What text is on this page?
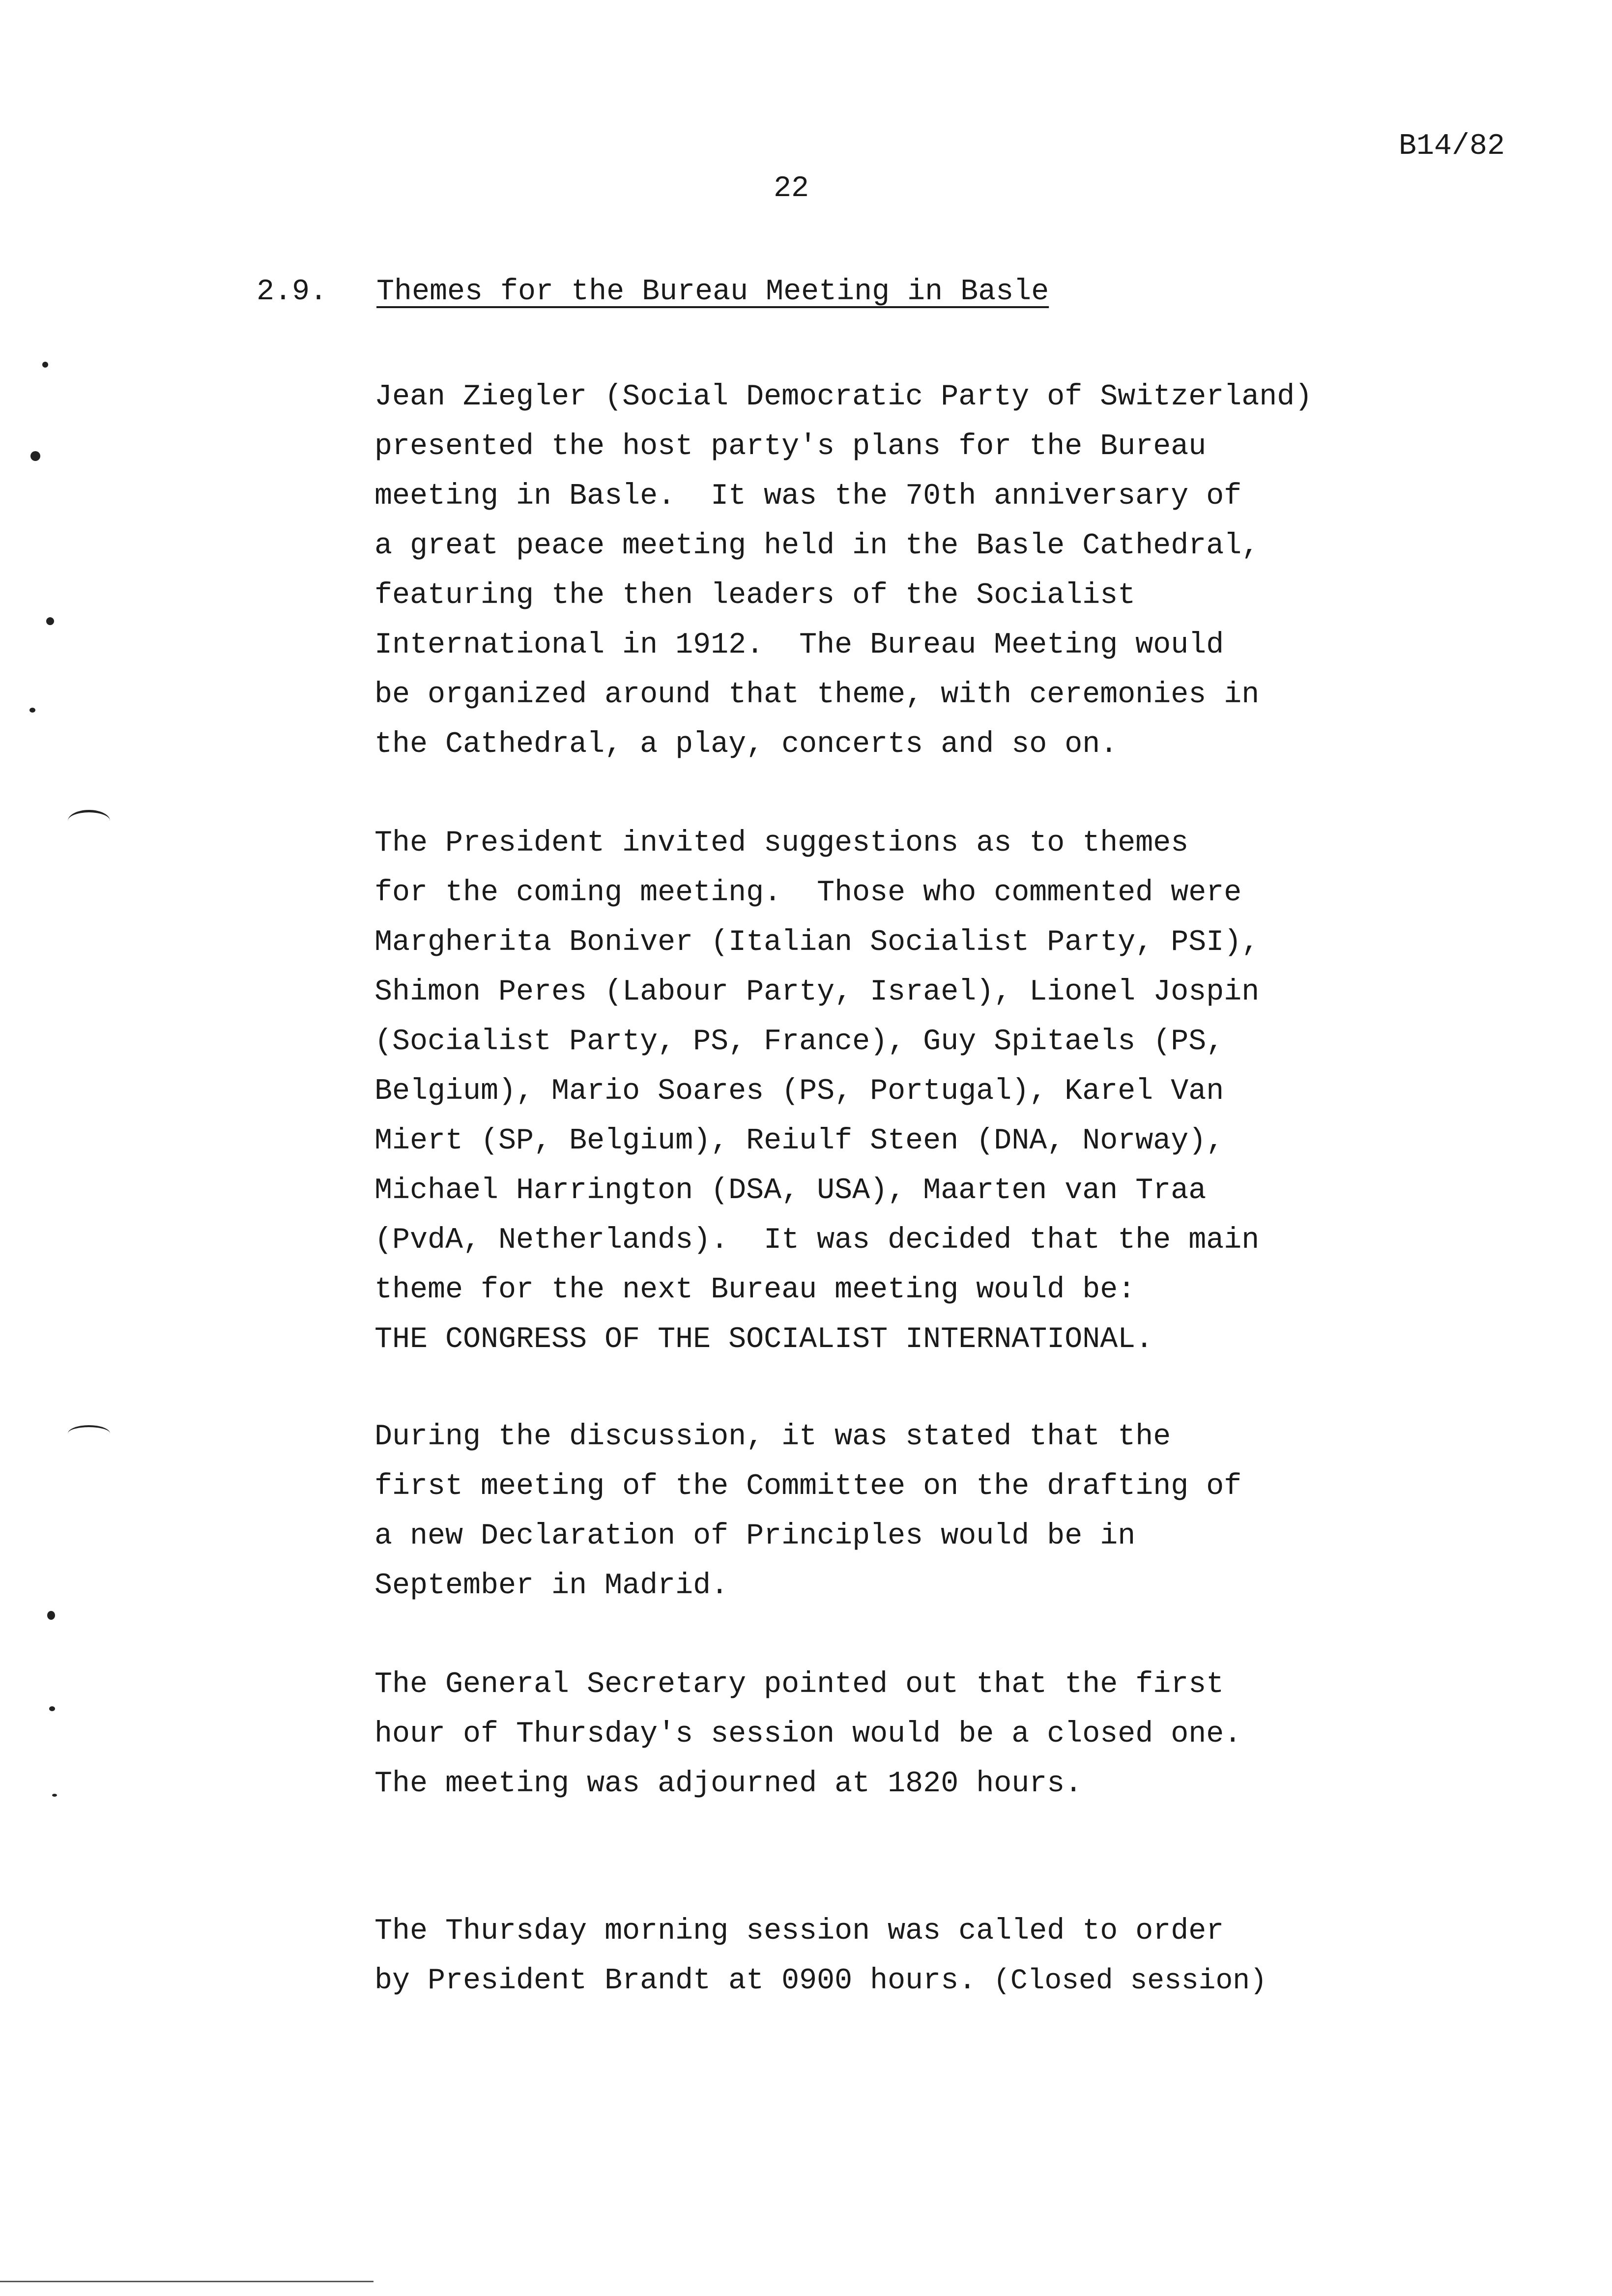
B14/82
22
2.9. Themes for the Bureau Meeting in Basle

Jean Ziegler (Social Democratic Party of Switzerland)
presented the host party's plans for the Bureau
meeting in Basle.  It was the 70th anniversary of
a great peace meeting held in the Basle Cathedral,
featuring the then leaders of the Socialist
International in 1912.  The Bureau Meeting would
be organized around that theme, with ceremonies in
the Cathedral, a play, concerts and so on.

The President invited suggestions as to themes
for the coming meeting.  Those who commented were
Margherita Boniver (Italian Socialist Party, PSI),
Shimon Peres (Labour Party, Israel), Lionel Jospin
(Socialist Party, PS, France), Guy Spitaels (PS,
Belgium), Mario Soares (PS, Portugal), Karel Van
Miert (SP, Belgium), Reiulf Steen (DNA, Norway),
Michael Harrington (DSA, USA), Maarten van Traa
(PvdA, Netherlands).  It was decided that the main
theme for the next Bureau meeting would be:
THE CONGRESS OF THE SOCIALIST INTERNATIONAL.

During the discussion, it was stated that the
first meeting of the Committee on the drafting of
a new Declaration of Principles would be in
September in Madrid.

The General Secretary pointed out that the first
hour of Thursday's session would be a closed one.
The meeting was adjourned at 1820 hours.

The Thursday morning session was called to order
by President Brandt at 0900 hours. (Closed session)
